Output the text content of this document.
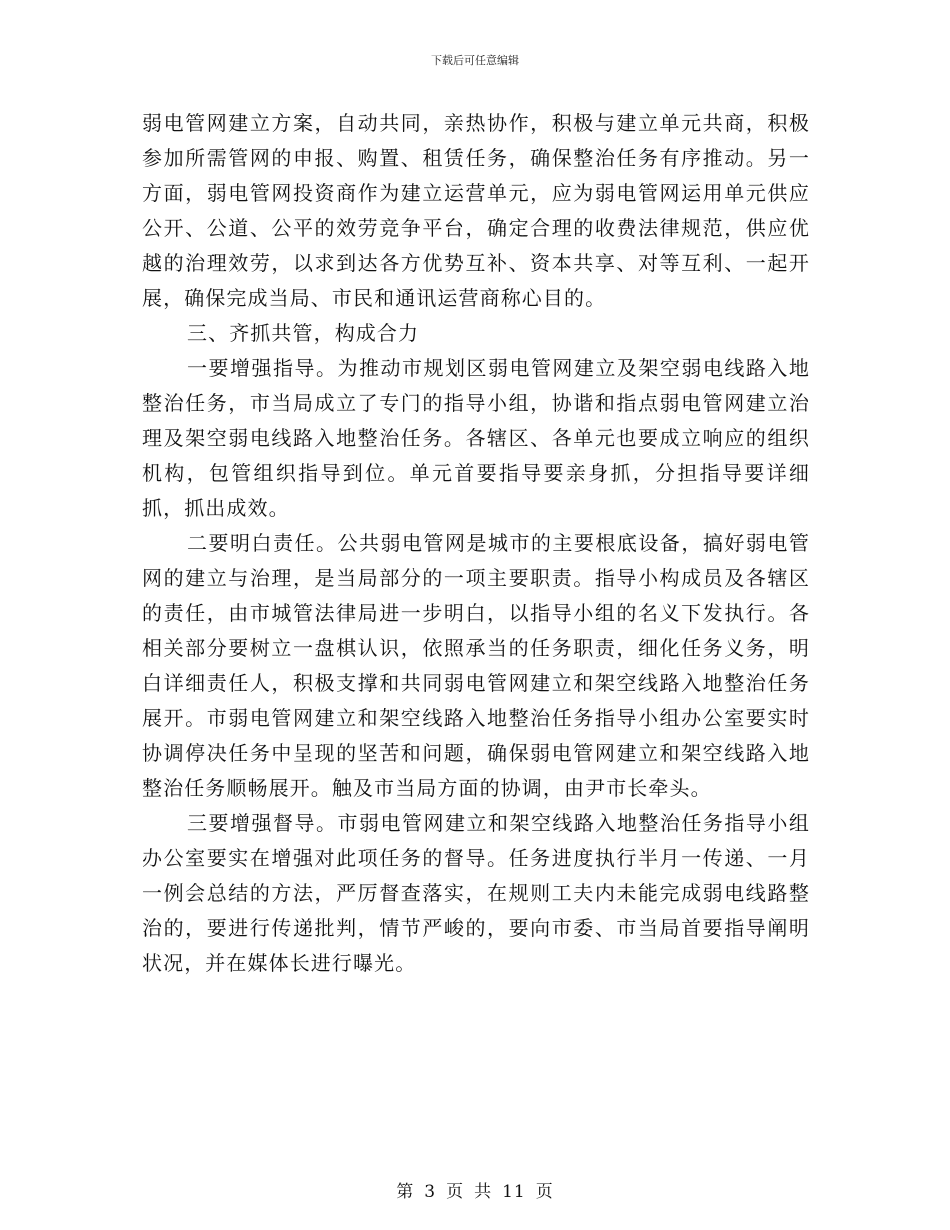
下载后可任意编辑

弱电管网建立方案，自动共同，亲热协作，积极与建立单元共商，积极参加所需管网的申报、购置、租赁任务，确保整治任务有序推动。另一方面，弱电管网投资商作为建立运营单元，应为弱电管网运用单元供应公开、公道、公平的效劳竞争平台，确定合理的收费法律规范，供应优越的治理效劳，以求到达各方优势互补、资本共享、对等互利、一起开展，确保完成当局、市民和通讯运营商称心目的。

三、齐抓共管，构成合力

一要增强指导。为推动市规划区弱电管网建立及架空弱电线路入地整治任务，市当局成立了专门的指导小组，协谐和指点弱电管网建立治理及架空弱电线路入地整治任务。各辖区、各单元也要成立响应的组织机构，包管组织指导到位。单元首要指导要亲身抓，分担指导要详细抓，抓出成效。

二要明白责任。公共弱电管网是城市的主要根底设备，搞好弱电管网的建立与治理，是当局部分的一项主要职责。指导小构成员及各辖区的责任，由市城管法律局进一步明白，以指导小组的名义下发执行。各相关部分要树立一盘棋认识，依照承当的任务职责，细化任务义务，明白详细责任人，积极支撑和共同弱电管网建立和架空线路入地整治任务展开。市弱电管网建立和架空线路入地整治任务指导小组办公室要实时协调停决任务中呈现的坚苦和问题，确保弱电管网建立和架空线路入地整治任务顺畅展开。触及市当局方面的协调，由尹市长牵头。

三要增强督导。市弱电管网建立和架空线路入地整治任务指导小组办公室要实在增强对此项任务的督导。任务进度执行半月一传递、一月一例会总结的方法，严厉督查落实，在规则工夫内未能完成弱电线路整治的，要进行传递批判，情节严峻的，要向市委、市当局首要指导阐明状况，并在媒体长进行曝光。

第 3 页 共 11 页
